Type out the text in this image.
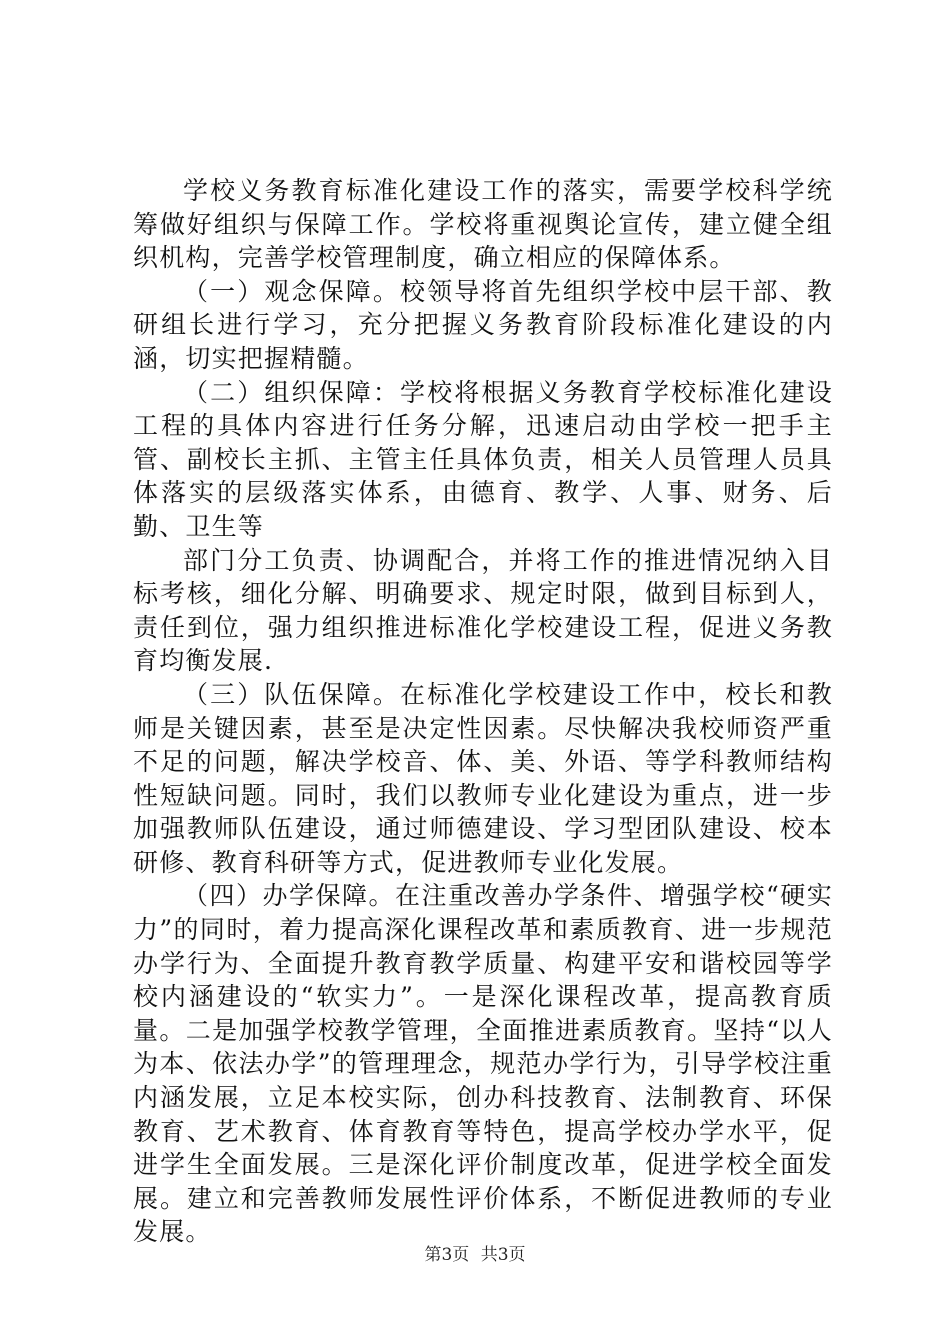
学校义务教育标准化建设工作的落实，需要学校科学统筹做好组织与保障工作。学校将重视舆论宣传，建立健全组织机构，完善学校管理制度，确立相应的保障体系。

（一）观念保障。校领导将首先组织学校中层干部、教研组长进行学习，充分把握义务教育阶段标准化建设的内涵，切实把握精髓。

（二）组织保障：学校将根据义务教育学校标准化建设工程的具体内容进行任务分解，迅速启动由学校一把手主管、副校长主抓、主管主任具体负责，相关人员管理人员具体落实的层级落实体系，由德育、教学、人事、财务、后勤、卫生等

部门分工负责、协调配合，并将工作的推进情况纳入目标考核，细化分解、明确要求、规定时限，做到目标到人，责任到位，强力组织推进标准化学校建设工程，促进义务教育均衡发展.

（三）队伍保障。在标准化学校建设工作中，校长和教师是关键因素，甚至是决定性因素。尽快解决我校师资严重不足的问题，解决学校音、体、美、外语、等学科教师结构性短缺问题。同时，我们以教师专业化建设为重点，进一步加强教师队伍建设，通过师德建设、学习型团队建设、校本研修、教育科研等方式，促进教师专业化发展。

（四）办学保障。在注重改善办学条件、增强学校“硬实力”的同时，着力提高深化课程改革和素质教育、进一步规范办学行为、全面提升教育教学质量、构建平安和谐校园等学校内涵建设的“软实力”。一是深化课程改革，提高教育质量。二是加强学校教学管理，全面推进素质教育。坚持“以人为本、依法办学”的管理理念，规范办学行为，引导学校注重内涵发展，立足本校实际，创办科技教育、法制教育、环保教育、艺术教育、体育教育等特色，提高学校办学水平，促进学生全面发展。三是深化评价制度改革，促进学校全面发展。建立和完善教师发展性评价体系，不断促进教师的专业发展。

第3页 共3页
